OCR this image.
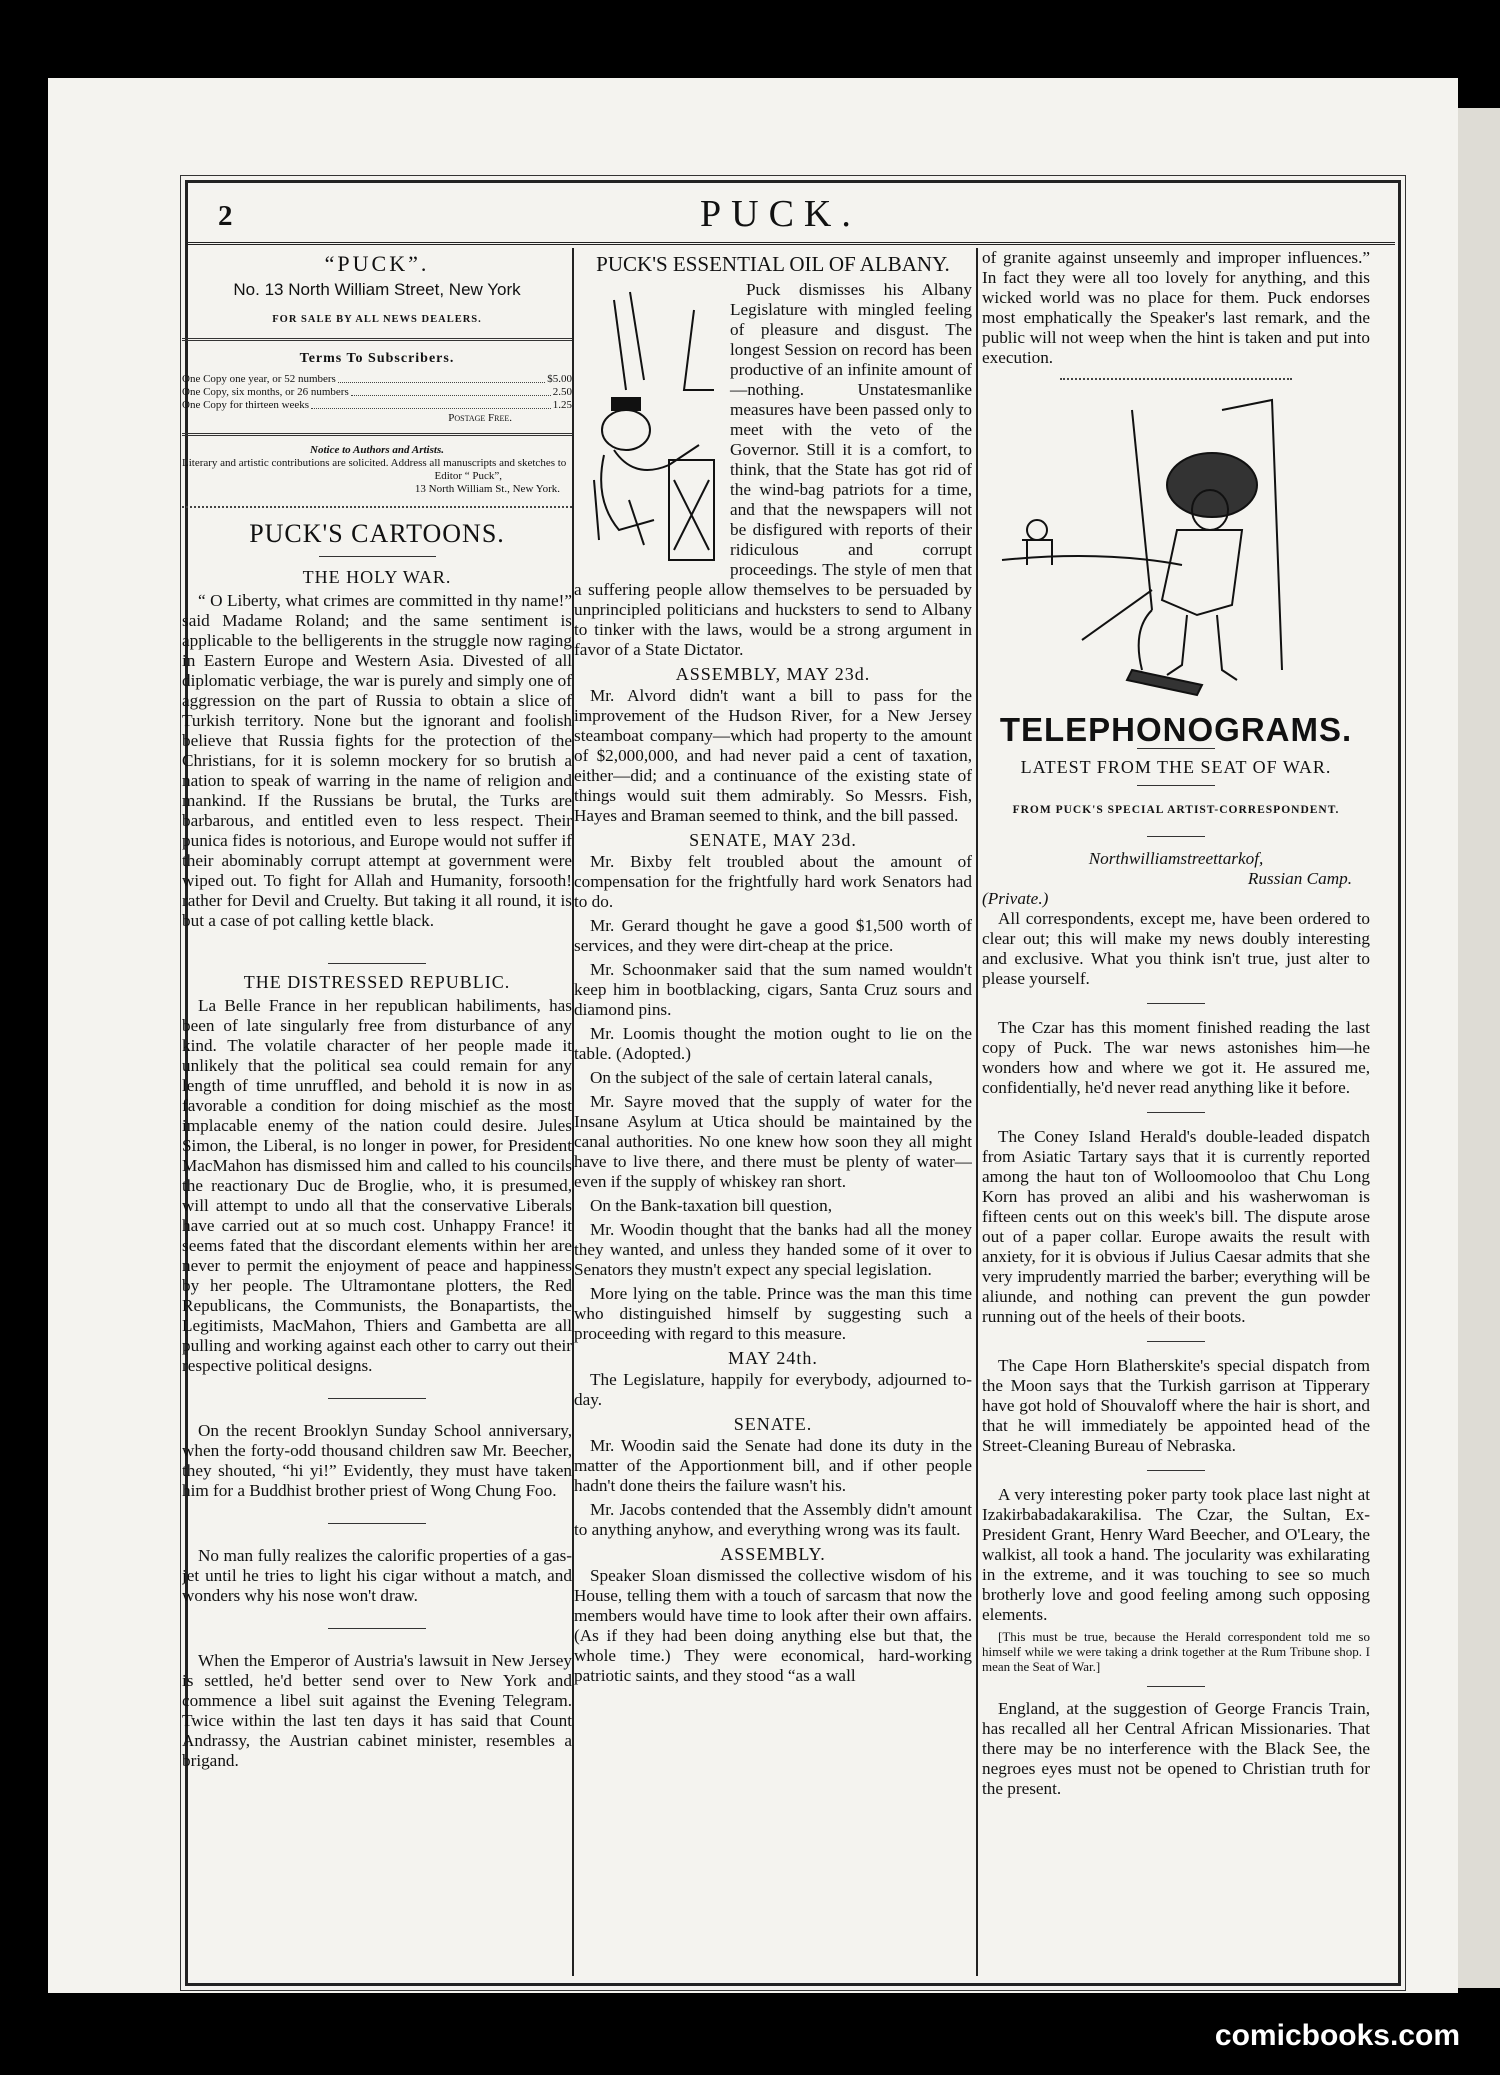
2	PUCK.
“PUCK”.
No. 13 North William Street, New York
FOR SALE BY ALL NEWS DEALERS.
Terms To Subscribers.
One Copy one year, or 52 numbers	$5.00
One Copy, six months, or 26 numbers	2.50
One Copy for thirteen weeks	1.25
Postage Free.
Notice to Authors and Artists.

Literary and artistic contributions are solicited. Address all manuscripts and sketches to

Editor “ Puck”,
13 North William St., New York.
PUCK'S CARTOONS.
THE HOLY WAR.

“ O Liberty, what crimes are committed in thy name!” said Madame Roland; and the same sentiment is applicable to the belligerents in the struggle now raging in Eastern Europe and Western Asia. Divested of all diplomatic verbiage, the war is purely and simply one of aggression on the part of Russia to obtain a slice of Turkish territory. None but the ignorant and foolish believe that Russia fights for the protection of the Christians, for it is solemn mockery for so brutish a nation to speak of warring in the name of religion and mankind. If the Russians be brutal, the Turks are barbarous, and entitled even to less respect. Their punica fides is notorious, and Europe would not suffer if their abominably corrupt attempt at government were wiped out. To fight for Allah and Humanity, forsooth! rather for Devil and Cruelty. But taking it all round, it is but a case of pot calling kettle black.

THE DISTRESSED REPUBLIC.

La Belle France in her republican habiliments, has been of late singularly free from disturbance of any kind. The volatile character of her people made it unlikely that the political sea could remain for any length of time unruffled, and behold it is now in as favorable a condition for doing mischief as the most implacable enemy of the nation could desire. Jules Simon, the Liberal, is no longer in power, for President MacMahon has dismissed him and called to his councils the reactionary Duc de Broglie, who, it is presumed, will attempt to undo all that the conservative Liberals have carried out at so much cost. Unhappy France! it seems fated that the discordant elements within her are never to permit the enjoyment of peace and happiness by her people. The Ultramontane plotters, the Red Republicans, the Communists, the Bonapartists, the Legitimists, MacMahon, Thiers and Gambetta are all pulling and working against each other to carry out their respective political designs.

On the recent Brooklyn Sunday School anniversary, when the forty-odd thousand children saw Mr. Beecher, they shouted, “hi yi!” Evidently, they must have taken him for a Buddhist brother priest of Wong Chung Foo.

No man fully realizes the calorific properties of a gas-jet until he tries to light his cigar without a match, and wonders why his nose won't draw.

When the Emperor of Austria's lawsuit in New Jersey is settled, he'd better send over to New York and commence a libel suit against the Evening Telegram. Twice within the last ten days it has said that Count Andrassy, the Austrian cabinet minister, resembles a brigand.

PUCK'S ESSENTIAL OIL OF ALBANY.

Puck dismisses his Albany Legislature with mingled feeling of pleasure and disgust. The longest Session on record has been productive of an infinite amount of—nothing. Unstatesmanlike measures have been passed only to meet with the veto of the Governor. Still it is a comfort, to think, that the State has got rid of the wind-bag patriots for a time, and that the newspapers will not be disfigured with reports of their ridiculous and corrupt proceedings. The style of men that a suffering people allow themselves to be persuaded by unprincipled politicians and hucksters to send to Albany to tinker with the laws, would be a strong argument in favor of a State Dictator.

ASSEMBLY, MAY 23d.

Mr. Alvord didn't want a bill to pass for the improvement of the Hudson River, for a New Jersey steamboat company—which had property to the amount of $2,000,000, and had never paid a cent of taxation, either—did; and a continuance of the existing state of things would suit them admirably. So Messrs. Fish, Hayes and Braman seemed to think, and the bill passed.

SENATE, MAY 23d.

Mr. Bixby felt troubled about the amount of compensation for the frightfully hard work Senators had to do.

Mr. Gerard thought he gave a good $1,500 worth of services, and they were dirt-cheap at the price.

Mr. Schoonmaker said that the sum named wouldn't keep him in bootblacking, cigars, Santa Cruz sours and diamond pins.

Mr. Loomis thought the motion ought to lie on the table. (Adopted.)

On the subject of the sale of certain lateral canals,

Mr. Sayre moved that the supply of water for the Insane Asylum at Utica should be maintained by the canal authorities. No one knew how soon they all might have to live there, and there must be plenty of water—even if the supply of whiskey ran short.

On the Bank-taxation bill question,

Mr. Woodin thought that the banks had all the money they wanted, and unless they handed some of it over to Senators they mustn't expect any special legislation.

More lying on the table. Prince was the man this time who distinguished himself by suggesting such a proceeding with regard to this measure.

MAY 24th.

The Legislature, happily for everybody, adjourned to-day.

SENATE.

Mr. Woodin said the Senate had done its duty in the matter of the Apportionment bill, and if other people hadn't done theirs the failure wasn't his.

Mr. Jacobs contended that the Assembly didn't amount to anything anyhow, and everything wrong was its fault.

ASSEMBLY.

Speaker Sloan dismissed the collective wisdom of his House, telling them with a touch of sarcasm that now the members would have time to look after their own affairs. (As if they had been doing anything else but that, the whole time.) They were economical, hard-working patriotic saints, and they stood “as a wall

of granite against unseemly and improper influences.” In fact they were all too lovely for anything, and this wicked world was no place for them. Puck endorses most emphatically the Speaker's last remark, and the public will not weep when the hint is taken and put into execution.

TELEPHONOGRAMS.
LATEST FROM THE SEAT OF WAR.
FROM PUCK'S SPECIAL ARTIST-CORRESPONDENT.
Northwilliamstreettarkof,
Russian Camp.
(Private.)

All correspondents, except me, have been ordered to clear out; this will make my news doubly interesting and exclusive. What you think isn't true, just alter to please yourself.

The Czar has this moment finished reading the last copy of Puck. The war news astonishes him—he wonders how and where we got it. He assured me, confidentially, he'd never read anything like it before.

The Coney Island Herald's double-leaded dispatch from Asiatic Tartary says that it is currently reported among the haut ton of Wolloomooloo that Chu Long Korn has proved an alibi and his washerwoman is fifteen cents out on this week's bill. The dispute arose out of a paper collar. Europe awaits the result with anxiety, for it is obvious if Julius Caesar admits that she very imprudently married the barber; everything will be aliunde, and nothing can prevent the gun powder running out of the heels of their boots.

The Cape Horn Blatherskite's special dispatch from the Moon says that the Turkish garrison at Tipperary have got hold of Shouvaloff where the hair is short, and that he will immediately be appointed head of the Street-Cleaning Bureau of Nebraska.

A very interesting poker party took place last night at Izakirbabadakarakilisa. The Czar, the Sultan, Ex-President Grant, Henry Ward Beecher, and O'Leary, the walkist, all took a hand. The jocularity was exhilarating in the extreme, and it was touching to see so much brotherly love and good feeling among such opposing elements.

[This must be true, because the Herald correspondent told me so himself while we were taking a drink together at the Rum Tribune shop. I mean the Seat of War.]

England, at the suggestion of George Francis Train, has recalled all her Central African Missionaries. That there may be no interference with the Black See, the negroes eyes must not be opened to Christian truth for the present.

comicbooks.com
